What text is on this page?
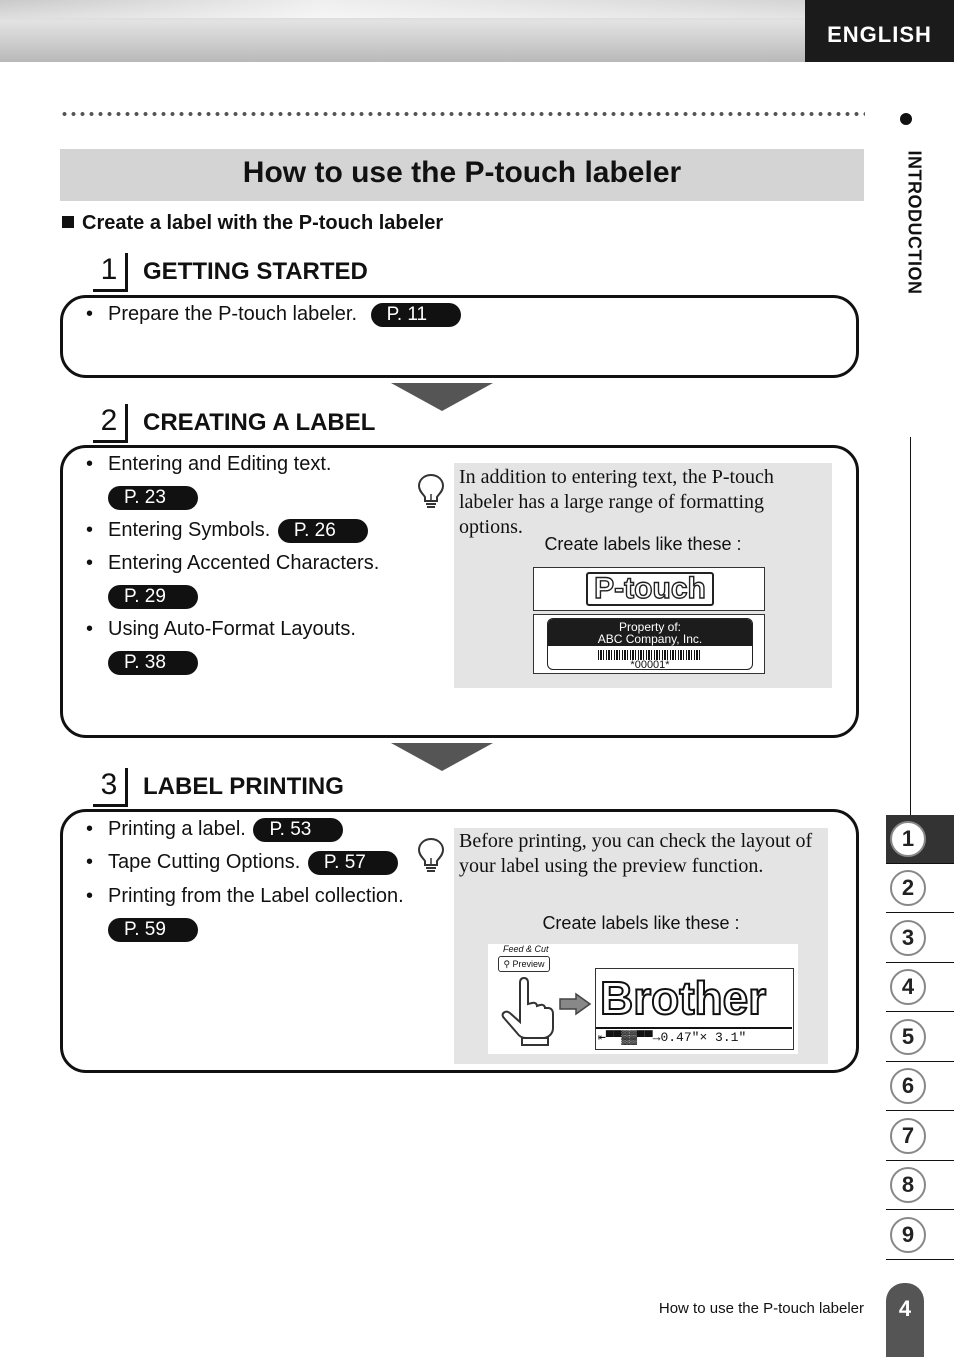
ENGLISH
How to use the P-touch labeler
Create a label with the P-touch labeler
1	GETTING STARTED
• Prepare the P-touch labeler. P. 11
2	CREATING A LABEL
• Entering and Editing text.
P. 23
• Entering Symbols. P. 26
• Entering Accented Characters.
P. 29
• Using Auto-Format Layouts.
P. 38
In addition to entering text, the P-touch labeler has a large range of formatting options.
Create labels like these :
P-touch
Property of:
ABC Company, Inc.
*00001*
3	LABEL PRINTING
• Printing a label. P. 53
• Tape Cutting Options. P. 57
• Printing from the Label collection.
P. 59
Before printing, you can check the layout of your label using the preview function.
Create labels like these :
Feed & Cut
⚲ Preview
Brother
⇤▀▀▓▓▀▀→0.47"× 3.1"
INTRODUCTION
1
2
3
4
5
6
7
8
9
How to use the P-touch labeler	4
